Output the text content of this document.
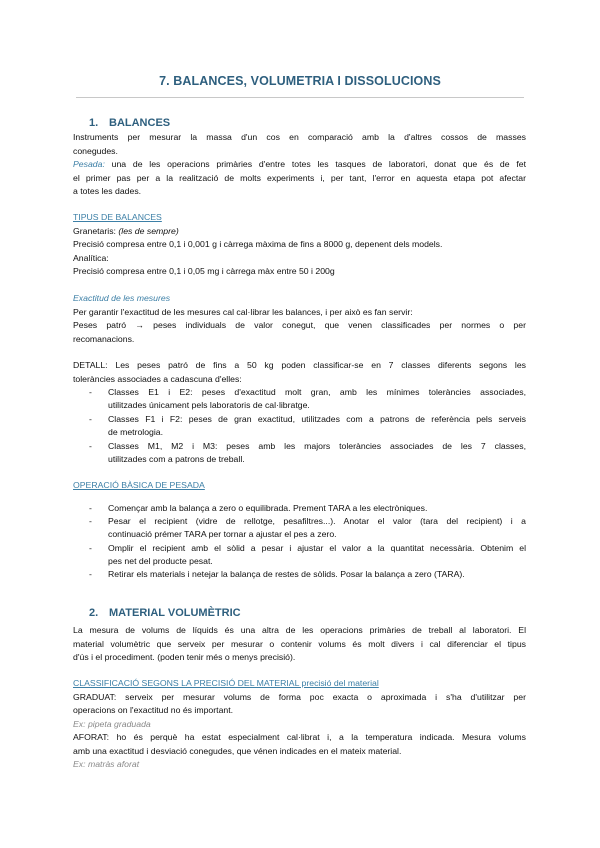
7. BALANCES, VOLUMETRIA I DISSOLUCIONS
1. BALANCES
Instruments per mesurar la massa d'un cos en comparació amb la d'altres cossos de masses
conegudes.
Pesada: una de les operacions primàries d'entre totes les tasques de laboratori, donat que és de fet
el primer pas per a la realització de molts experiments i, per tant, l'error en aquesta etapa pot afectar
a totes les dades.
TIPUS DE BALANCES
Granetaris: (les de sempre)
Precisió compresa entre 0,1 i 0,001 g i càrrega màxima de fins a 8000 g, depenent dels models.
Analítica:
Precisió compresa entre 0,1 i 0,05 mg i càrrega màx entre 50 i 200g
Exactitud de les mesures
Per garantir l'exactitud de les mesures cal cal·librar les balances, i per això es fan servir:
Peses patró → peses individuals de valor conegut, que venen classificades per normes o per
recomanacions.
DETALL: Les peses patró de fins a 50 kg poden classificar-se en 7 classes diferents segons les
toleràncies associades a cadascuna d'elles:
- Classes E1 i E2: peses d'exactitud molt gran, amb les mínimes toleràncies associades,
utilitzades únicament pels laboratoris de cal·libratge.
- Classes F1 i F2: peses de gran exactitud, utilitzades com a patrons de referència pels serveis
de metrologia.
- Classes M1, M2 i M3: peses amb les majors toleràncies associades de les 7 classes,
utilitzades com a patrons de treball.
OPERACIÓ BÀSICA DE PESADA
- Començar amb la balança a zero o equilibrada. Prement TARA a les electròniques.
- Pesar el recipient (vidre de rellotge, pesafiltres...). Anotar el valor (tara del recipient) i a
continuació prémer TARA per tornar a ajustar el pes a zero.
- Omplir el recipient amb el sòlid a pesar i ajustar el valor a la quantitat necessària. Obtenim el
pes net del producte pesat.
- Retirar els materials i netejar la balança de restes de sòlids. Posar la balança a zero (TARA).
2. MATERIAL VOLUMÈTRIC
La mesura de volums de líquids és una altra de les operacions primàries de treball al laboratori. El
material volumètric que serveix per mesurar o contenir volums és molt divers i cal diferenciar el tipus
d'ús i el procediment. (poden tenir més o menys precisió).
CLASSIFICACIÓ SEGONS LA PRECISIÓ DEL MATERIAL precisió del material
GRADUAT: serveix per mesurar volums de forma poc exacta o aproximada i s'ha d'utilitzar per
operacions on l'exactitud no és important.
Ex: pipeta graduada
AFORAT: ho és perquè ha estat especialment cal·librat i, a la temperatura indicada. Mesura volums
amb una exactitud i desviació conegudes, que vénen indicades en el mateix material.
Ex: matràs aforat
